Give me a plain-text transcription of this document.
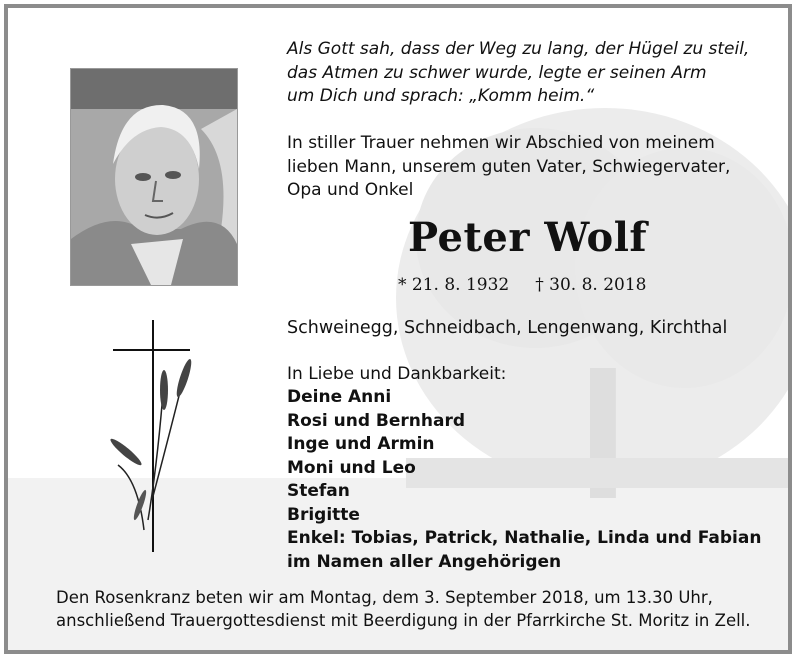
Als Gott sah, dass der Weg zu lang, der Hügel zu steil,
das Atmen zu schwer wurde, legte er seinen Arm
um Dich und sprach: „Komm heim.“
In stiller Trauer nehmen wir Abschied von meinem
lieben Mann, unserem guten Vater, Schwiegervater,
Opa und Onkel
Peter Wolf
* 21. 8. 1932 † 30. 8. 2018
Schweinegg, Schneidbach, Lengenwang, Kirchthal
In Liebe und Dankbarkeit:
Deine Anni
Rosi und Bernhard
Inge und Armin
Moni und Leo
Stefan
Brigitte
Enkel: Tobias, Patrick, Nathalie, Linda und Fabian
im Namen aller Angehörigen
Den Rosenkranz beten wir am Montag, dem 3. September 2018, um 13.30 Uhr,
anschließend Trauergottesdienst mit Beerdigung in der Pfarrkirche St. Moritz in Zell.
